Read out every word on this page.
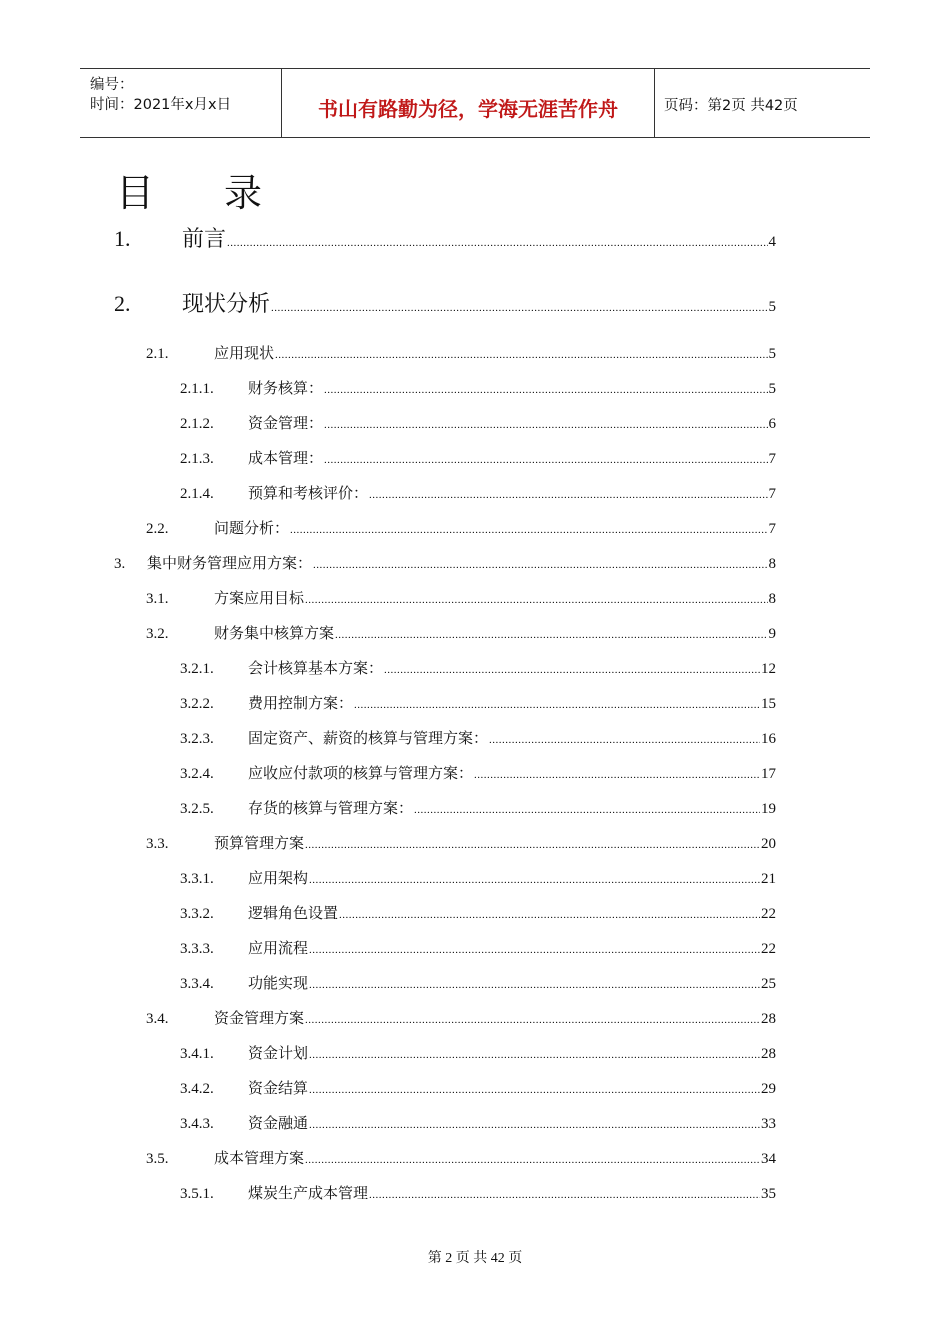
编号：
时间：2021年x月x日	书山有路勤为径，学海无涯苦作舟	页码：第2页 共42页
目录
1.	前言 .....	4
2.	现状分析 .....	5
2.1.	应用现状 .....	5
2.1.1.	财务核算： .....	5
2.1.2.	资金管理： .....	6
2.1.3.	成本管理： .....	7
2.1.4.	预算和考核评价： .....	7
2.2.	问题分析： .....	7
3.	集中财务管理应用方案： .....	8
3.1.	方案应用目标 .....	8
3.2.	财务集中核算方案 .....	9
3.2.1.	会计核算基本方案： .....	12
3.2.2.	费用控制方案： .....	15
3.2.3.	固定资产、薪资的核算与管理方案： .....	16
3.2.4.	应收应付款项的核算与管理方案： .....	17
3.2.5.	存货的核算与管理方案： .....	19
3.3.	预算管理方案 .....	20
3.3.1.	应用架构 .....	21
3.3.2.	逻辑角色设置 .....	22
3.3.3.	应用流程 .....	22
3.3.4.	功能实现 .....	25
3.4.	资金管理方案 .....	28
3.4.1.	资金计划 .....	28
3.4.2.	资金结算 .....	29
3.4.3.	资金融通 .....	33
3.5.	成本管理方案 .....	34
3.5.1.	煤炭生产成本管理 .....	35
第 2 页 共 42 页
